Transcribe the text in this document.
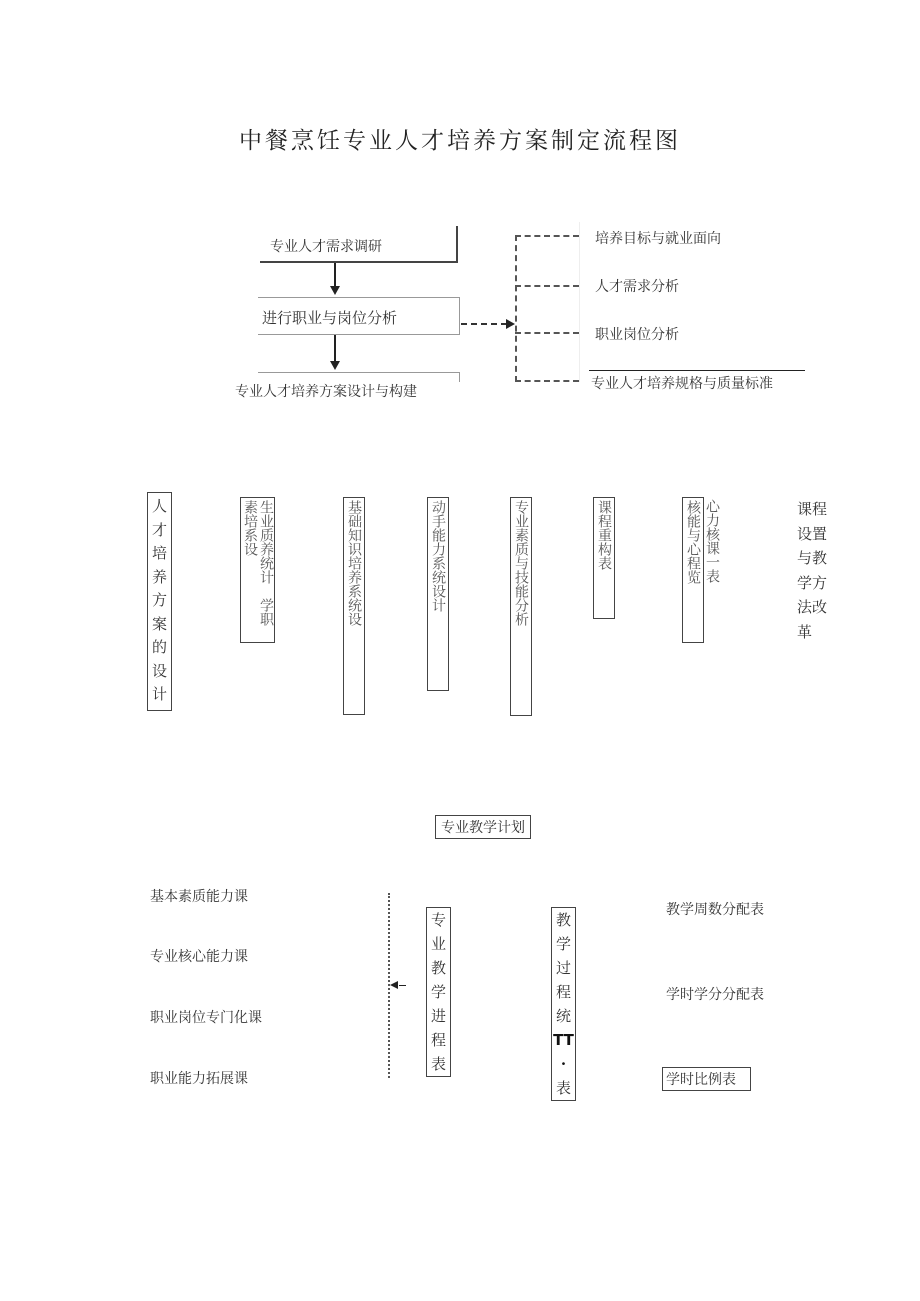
中餐烹饪专业人才培养方案制定流程图
专业人才需求调研
进行职业与岗位分析
专业人才培养方案设计与构建
培养目标与就业面向
人才需求分析
职业岗位分析
专业人才培养规格与质量标准
人
才
培
养
方
案
的
设
计
生业质养统计　学职
素培系设	基础知识培养系统设	动手能力系统设计	专业素质与技能分析	课程重构表	核能与心程览 心力核课一表	课程
设置
与教
学方
法改
革
专业教学计划
基本素质能力课
专业核心能力课
职业岗位专门化课
职业能力拓展课
专
业
教
学
进
程
表
教
学
过
程
统
TT
·
表
教学周数分配表
学时学分分配表
学时比例表
